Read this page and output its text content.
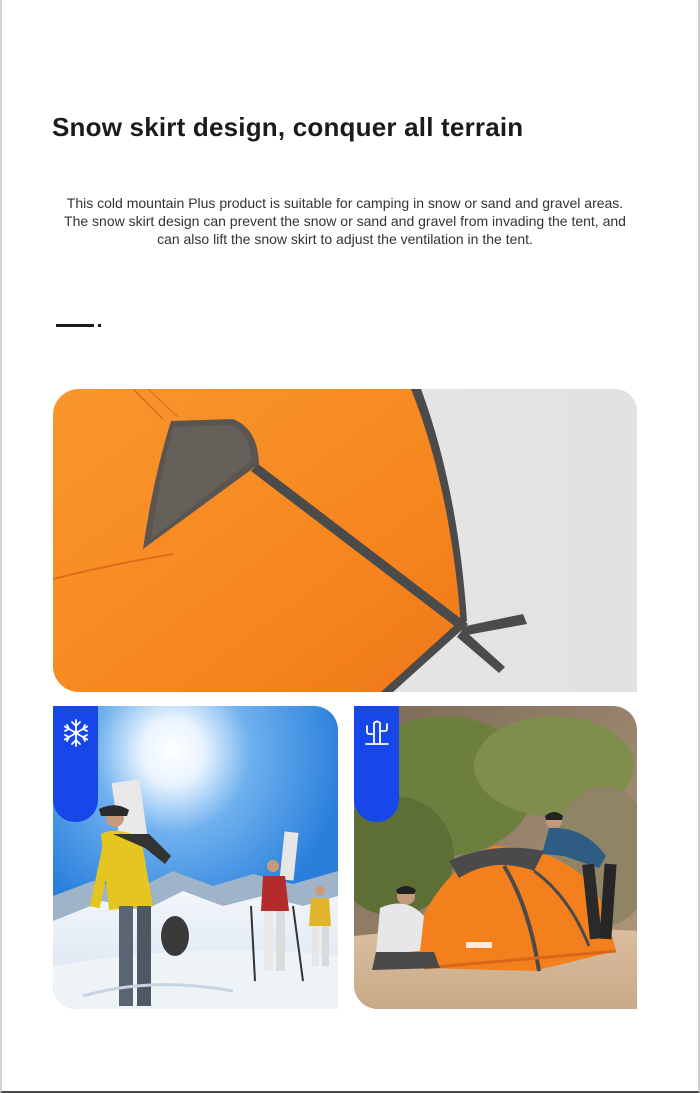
Snow skirt design, conquer all terrain
This cold mountain Plus product is suitable for camping in snow or sand and gravel areas.
The snow skirt design can prevent the snow or sand and gravel from invading the tent, and
can also lift the snow skirt to adjust the ventilation in the tent.
